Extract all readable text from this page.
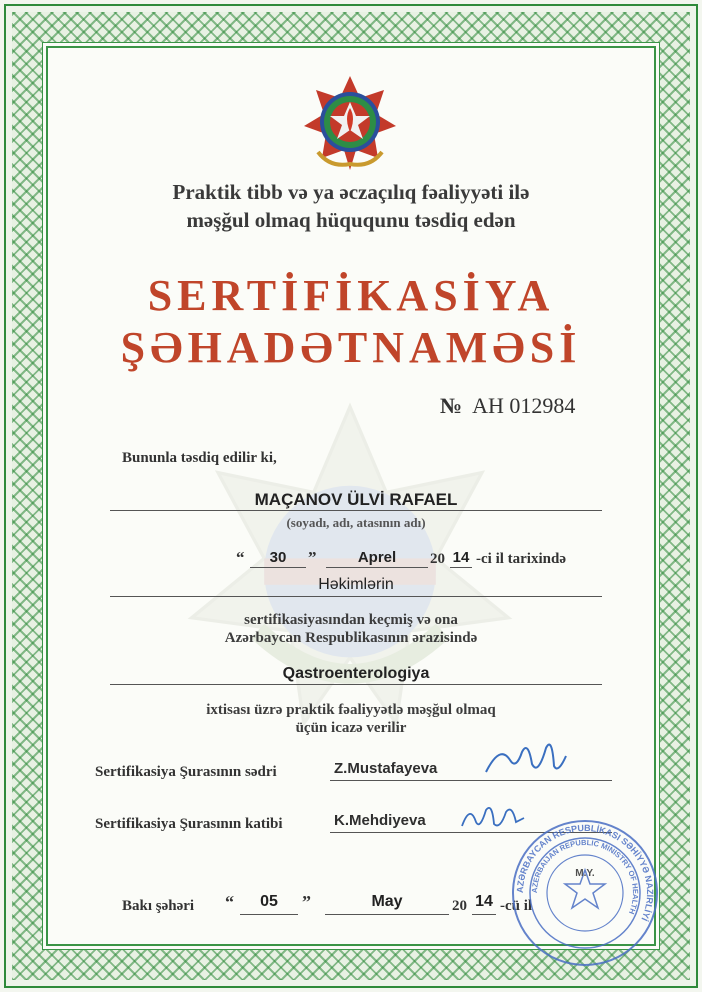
Praktik tibb və ya əczaçılıq fəaliyyəti ilə
məşğul olmaq hüququnu təsdiq edən
SERTİFİKASİYA
ŞƏHADƏTNAMƏSİ
№ AH 012984
Bununla təsdiq edilir ki,
MAÇANOV ÜLVİ RAFAEL
(soyadı, adı, atasının adı)
“	30	”	Aprel	20 14 -ci il tarixində
Həkimlərin
sertifikasiyasından keçmiş və ona
Azərbaycan Respublikasının ərazisində
Qastroenterologiya
ixtisası üzrə praktik fəaliyyətlə məşğul olmaq
üçün icazə verilir
Sertifikasiya Şurasının sədri	Z.Mustafayeva
Sertifikasiya Şurasının katibi	K.Mehdiyeva
Bakı şəhəri “	05	”	May	20 14 -cü il
AZƏRBAYCAN RESPUBLİKASI SƏHİYYƏ NAZİRLİYİ
AZERBAIJAN REPUBLIC MINISTRY OF HEALTH
M.Y.
